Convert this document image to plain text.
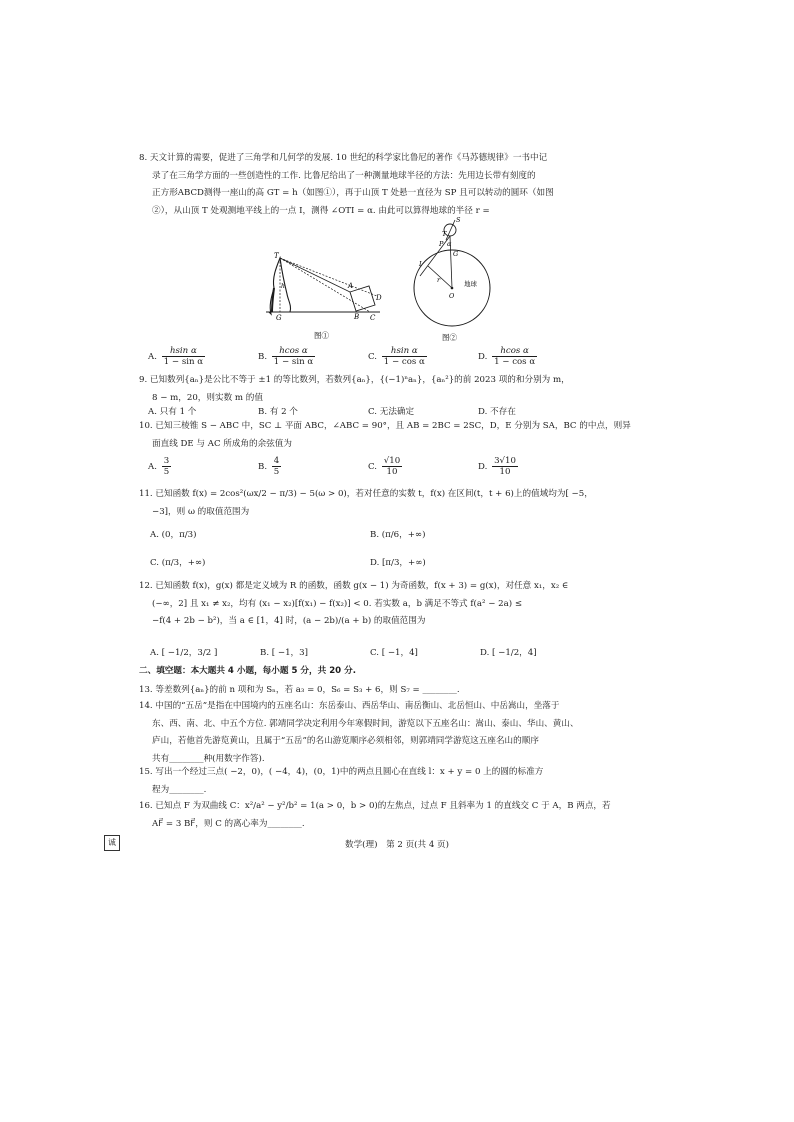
8. 天文计算的需要，促进了三角学和几何学的发展. 10 世纪的科学家比鲁尼的著作《马苏德规律》一书中记
录了在三角学方面的一些创造性的工作. 比鲁尼给出了一种测量地球半径的方法：先用边长带有刻度的
正方形ABCD测得一座山的高 GT = h（如图①），再于山顶 T 处悬一直径为 SP 且可以转动的圆环（如图
②），从山顶 T 处观测地平线上的一点 I，测得 ∠OTI = α. 由此可以算得地球的半径 r =
T
h
G
A
B C
D
图①
S
P
T
α
G
I
r
O
地球
图②
A. $\frac{\text{hsin α}}{\text{1 − sin α}}$	B. $\frac{\text{hcos α}}{\text{1 − sin α}}$	C. $\frac{\text{hsin α}}{\text{1 − cos α}}$	D. $\frac{\text{hcos α}}{\text{1 − cos α}}$
9. 已知数列{aₙ}是公比不等于 ±1 的等比数列，若数列{aₙ}，{(−1)ⁿaₙ}，{aₙ²}的前 2023 项的和分别为 m，
8 − m，20，则实数 m 的值
A. 只有 1 个	B. 有 2 个	C. 无法确定	D. 不存在
10. 已知三棱锥 S − ABC 中，SC ⊥ 平面 ABC，∠ABC = 90°，且 AB = 2BC = 2SC，D，E 分别为 SA，BC 的中点，则异
面直线 DE 与 AC 所成角的余弦值为
A. $\frac{3}{5}$	B. $\frac{4}{5}$	C. $\frac{√10}{10}$	D. $\frac{3√10}{10}$
11. 已知函数 f(x) = 2cos²(ωx/2 − π/3) − 5(ω > 0)，若对任意的实数 t，f(x) 在区间(t，t + 6)上的值域均为[ −5，
−3]，则 ω 的取值范围为
A. (0，π/3)	B. (π/6，+∞)
C. (π/3，+∞)	D. [π/3，+∞)
12. 已知函数 f(x)，g(x) 都是定义域为 R 的函数，函数 g(x − 1) 为奇函数，f(x + 3) = g(x)，对任意 x₁，x₂ ∈
(−∞，2] 且 x₁ ≠ x₂，均有 (x₁ − x₂)[f(x₁) − f(x₂)] < 0. 若实数 a，b 满足不等式 f(a² − 2a) ≤
−f(4 + 2b − b²)，当 a ∈ [1，4] 时，(a − 2b)/(a + b) 的取值范围为
A. [ −1/2，3/2 ]	B. [ −1，3]	C. [ −1，4]	D. [ −1/2，4]
二、填空题：本大题共 4 小题，每小题 5 分，共 20 分.
13. 等差数列{aₙ}的前 n 项和为 Sₙ，若 a₃ = 0，S₆ = S₃ + 6，则 S₇ = ________.
14. 中国的“五岳”是指在中国境内的五座名山：东岳泰山、西岳华山、南岳衡山、北岳恒山、中岳嵩山，坐落于
东、西、南、北、中五个方位. 郭靖同学决定利用今年寒假时间，游览以下五座名山：嵩山、泰山、华山、黄山、
庐山，若他首先游览黄山，且属于“五岳”的名山游览顺序必须相邻，则郭靖同学游览这五座名山的顺序
共有________种(用数字作答).
15. 写出一个经过三点( −2，0)，( −4，4)，(0，1)中的两点且圆心在直线 l：x + y = 0 上的圆的标准方
程为________.
16. 已知点 F 为双曲线 C：x²/a² − y²/b² = 1(a > 0，b > 0)的左焦点，过点 F 且斜率为 1 的直线交 C 于 A，B 两点，若
AF⃗ = 3 BF⃗，则 C 的离心率为________.
诚	数学(理)　第 2 页(共 4 页)
